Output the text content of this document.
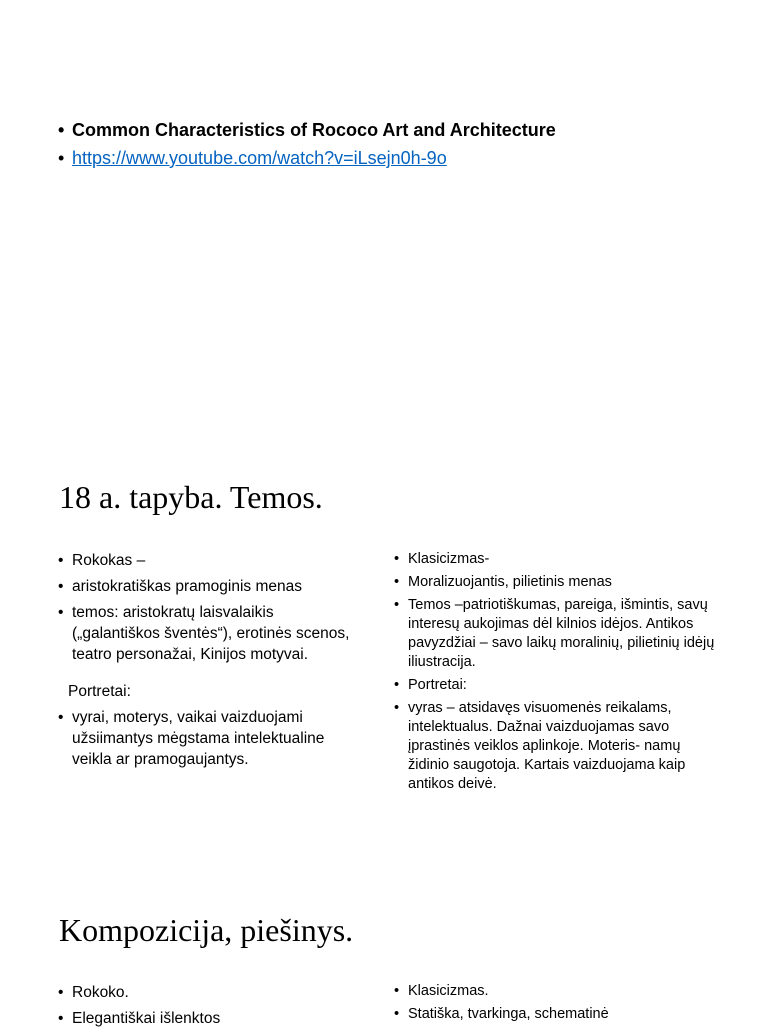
• Common Characteristics of Rococo Art and Architecture
• https://www.youtube.com/watch?v=iLsejn0h-9o
18 a. tapyba. Temos.
• Rokokas –
• aristokratiškas pramoginis menas
• temos: aristokratų laisvalaikis („galantiškos šventės“), erotinės scenos, teatro personažai, Kinijos motyvai.
Portretai:
• vyrai, moterys, vaikai vaizduojami užsiimantys mėgstama intelektualine veikla ar pramogaujantys.
• Klasicizmas-
• Moralizuojantis, pilietinis menas
• Temos –patriotiškumas, pareiga, išmintis, savų interesų aukojimas dėl kilnios idėjos. Antikos pavyzdžiai – savo laikų moralinių, pilietinių idėjų iliustracija.
• Portretai:
• vyras – atsidavęs visuomenės reikalams, intelektualus. Dažnai vaizduojamas savo įprastinės veiklos aplinkoje. Moteris- namų židinio saugotoja. Kartais vaizduojama kaip antikos deivė.
Kompozicija, piešinys.
• Rokoko.
• Elegantiškai išlenktos
• Klasicizmas.
• Statiška, tvarkinga, schematinė
